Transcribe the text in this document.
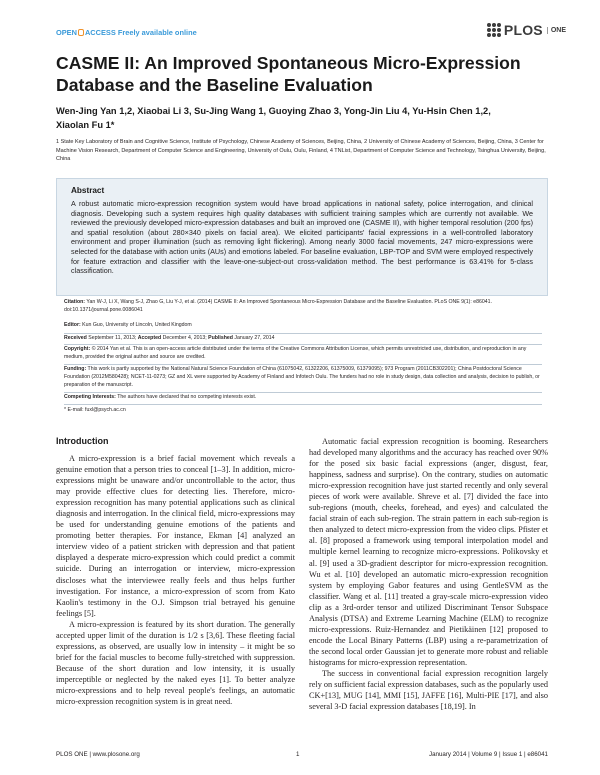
OPEN ACCESS Freely available online	PLOS	ONE
CASME II: An Improved Spontaneous Micro-Expression Database and the Baseline Evaluation
Wen-Jing Yan 1,2, Xiaobai Li 3, Su-Jing Wang 1, Guoying Zhao 3, Yong-Jin Liu 4, Yu-Hsin Chen 1,2,
Xiaolan Fu 1*
1 State Key Laboratory of Brain and Cognitive Science, Institute of Psychology, Chinese Academy of Sciences, Beijing, China, 2 University of Chinese Academy of Sciences, Beijing, China, 3 Center for Machine Vision Research, Department of Computer Science and Engineering, University of Oulu, Oulu, Finland, 4 TNList, Department of Computer Science and Technology, Tsinghua University, Beijing, China
Abstract
A robust automatic micro-expression recognition system would have broad applications in national safety, police interrogation, and clinical diagnosis. Developing such a system requires high quality databases with sufficient training samples which are currently not available. We reviewed the previously developed micro-expression databases and built an improved one (CASME II), with higher temporal resolution (200 fps) and spatial resolution (about 280×340 pixels on facial area). We elicited participants' facial expressions in a well-controlled laboratory environment and proper illumination (such as removing light flickering). Among nearly 3000 facial movements, 247 micro-expressions were selected for the database with action units (AUs) and emotions labeled. For baseline evaluation, LBP-TOP and SVM were employed respectively for feature extraction and classifier with the leave-one-subject-out cross-validation method. The best performance is 63.41% for 5-class classification.
Citation: Yan W-J, Li X, Wang S-J, Zhao G, Liu Y-J, et al. (2014) CASME II: An Improved Spontaneous Micro-Expression Database and the Baseline Evaluation. PLoS ONE 9(1): e86041. doi:10.1371/journal.pone.0086041
Editor: Kun Guo, University of Lincoln, United Kingdom
Received September 11, 2013; Accepted December 4, 2013; Published January 27, 2014
Copyright: © 2014 Yan et al. This is an open-access article distributed under the terms of the Creative Commons Attribution License, which permits unrestricted use, distribution, and reproduction in any medium, provided the original author and source are credited.
Funding: This work is partly supported by the National Natural Science Foundation of China (61075042, 61322206, 61375009, 61379095); 973 Program (2011CB302201); China Postdoctoral Science Foundation (2012M580428); NCET-11-0273; GZ and XL were supported by Academy of Finland and Infotech Oulu. The funders had no role in study design, data collection and analysis, decision to publish, or preparation of the manuscript.
Competing Interests: The authors have declared that no competing interests exist.
* E-mail: fuxl@psych.ac.cn
Introduction

A micro-expression is a brief facial movement which reveals a genuine emotion that a person tries to conceal [1–3]. In addition, micro-expressions might be unaware and/or uncontrollable to the actor, thus may provide effective clues for detecting lies. Therefore, micro-expression recognition has many potential applications such as clinical diagnosis and interrogation. In the clinical field, micro-expressions may be used for understanding genuine emotions of the patients and promoting better therapies. For instance, Ekman [4] analyzed an interview video of a patient stricken with depression and that patient displayed a desperate micro-expression which could predict a commit suicide. During an interrogation or interview, micro-expression discloses what the interviewee really feels and thus helps further investigation. For instance, a micro-expression of scorn from Kato Kaolin's testimony in the O.J. Simpson trial betrayed his genuine feelings [5].

A micro-expression is featured by its short duration. The generally accepted upper limit of the duration is 1/2 s [3,6]. These fleeting facial expressions, as observed, are usually low in intensity – it might be so brief for the facial muscles to become fully-stretched with suppression. Because of the short duration and low intensity, it is usually imperceptible or neglected by the naked eyes [1]. To better analyze micro-expressions and to help reveal people's feelings, an automatic micro-expression recognition system is in great need.

Automatic facial expression recognition is booming. Researchers had developed many algorithms and the accuracy has reached over 90% for the posed six basic facial expressions (anger, disgust, fear, happiness, sadness and surprise). On the contrary, studies on automatic micro-expression recognition have just started recently and only several pieces of work were available. Shreve et al. [7] divided the face into sub-regions (mouth, cheeks, forehead, and eyes) and calculated the facial strain of each sub-region. The strain pattern in each sub-region is then analyzed to detect micro-expression from the video clips. Pfister et al. [8] proposed a framework using temporal interpolation model and multiple kernel learning to recognize micro-expressions. Polikovsky et al. [9] used a 3D-gradient descriptor for micro-expression recognition. Wu et al. [10] developed an automatic micro-expression recognition system by employing Gabor features and using GentleSVM as the classifier. Wang et al. [11] treated a gray-scale micro-expression video clip as a 3rd-order tensor and utilized Discriminant Tensor Subspace Analysis (DTSA) and Extreme Learning Machine (ELM) to recognize micro-expressions. Ruiz-Hernandez and Pietikäinen [12] proposed to encode the Local Binary Patterns (LBP) using a re-parametrization of the second local order Gaussian jet to generate more robust and reliable histograms for micro-expression representation.

The success in conventional facial expression recognition largely rely on sufficient facial expression databases, such as the popularly used CK+[13], MUG [14], MMI [15], JAFFE [16], Multi-PIE [17], and also several 3-D facial expression databases [18,19]. In

PLOS ONE | www.plosone.org	1	January 2014 | Volume 9 | Issue 1 | e86041
